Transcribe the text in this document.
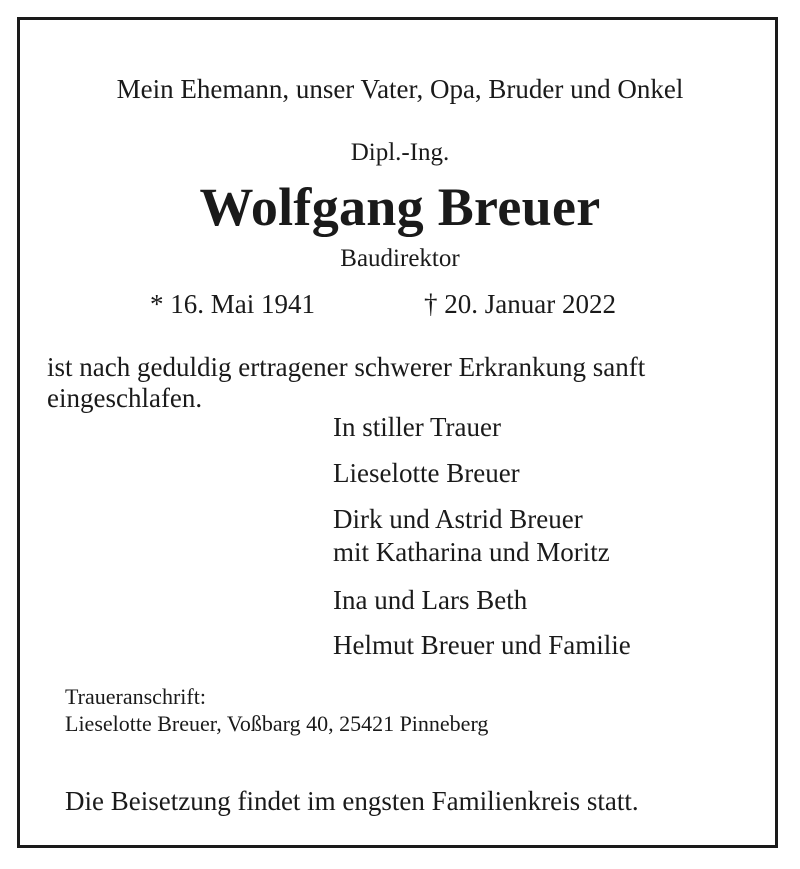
Mein Ehemann, unser Vater, Opa, Bruder und Onkel

Dipl.-Ing.

Wolfgang Breuer

Baudirektor

* 16. Mai 1941	† 20. Januar 2022

ist nach geduldig ertragener schwerer Erkrankung sanft eingeschlafen.

In stiller Trauer

Lieselotte Breuer

Dirk und Astrid Breuer

mit Katharina und Moritz

Ina und Lars Beth

Helmut Breuer und Familie

Traueranschrift:

Lieselotte Breuer, Voßbarg 40, 25421 Pinneberg

Die Beisetzung findet im engsten Familienkreis statt.
